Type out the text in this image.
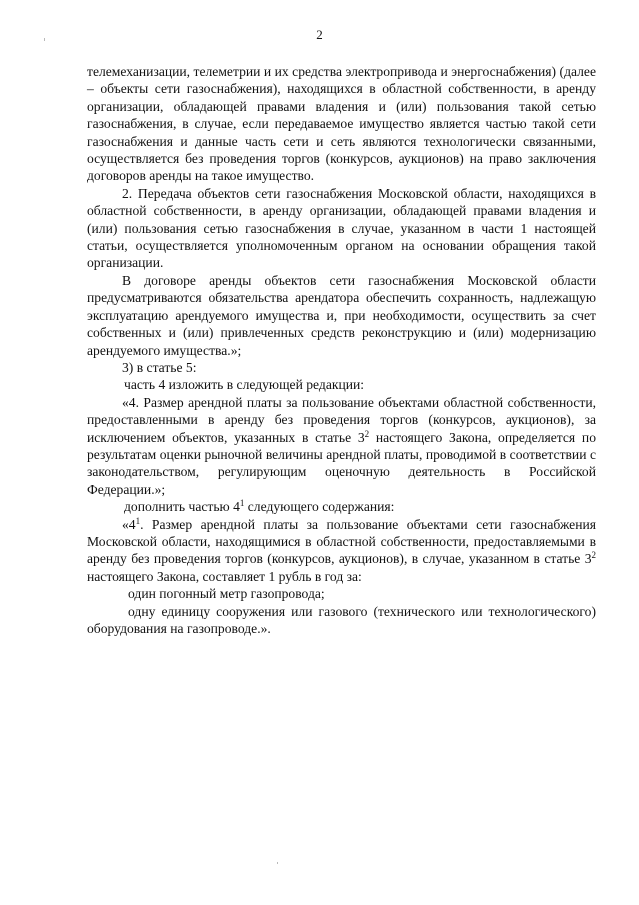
2

телемеханизации, телеметрии и их средства электропривода и энергоснабжения) (далее – объекты сети газоснабжения), находящихся в областной собственности, в аренду организации, обладающей правами владения и (или) пользования такой сетью газоснабжения, в случае, если передаваемое имущество является частью такой сети газоснабжения и данные часть сети и сеть являются технологически связанными, осуществляется без проведения торгов (конкурсов, аукционов) на право заключения договоров аренды на такое имущество.

2. Передача объектов сети газоснабжения Московской области, находящихся в областной собственности, в аренду организации, обладающей правами владения и (или) пользования сетью газоснабжения в случае, указанном в части 1 настоящей статьи, осуществляется уполномоченным органом на основании обращения такой организации.

В договоре аренды объектов сети газоснабжения Московской области предусматриваются обязательства арендатора обеспечить сохранность, надлежащую эксплуатацию арендуемого имущества и, при необходимости, осуществить за счет собственных и (или) привлеченных средств реконструкцию и (или) модернизацию арендуемого имущества.»;

3) в статье 5:

часть 4 изложить в следующей редакции:

«4. Размер арендной платы за пользование объектами областной собственности, предоставленными в аренду без проведения торгов (конкурсов, аукционов), за исключением объектов, указанных в статье $3^2$ настоящего Закона, определяется по результатам оценки рыночной величины арендной платы, проводимой в соответствии с законодательством, регулирующим оценочную деятельность в Российской Федерации.»;

дополнить частью $4^1$ следующего содержания:

«$4^1$. Размер арендной платы за пользование объектами сети газоснабжения Московской области, находящимися в областной собственности, предоставляемыми в аренду без проведения торгов (конкурсов, аукционов), в случае, указанном в статье $3^2$ настоящего Закона, составляет 1 рубль в год за:

один погонный метр газопровода;

одну единицу сооружения или газового (технического или технологического) оборудования на газопроводе.».
